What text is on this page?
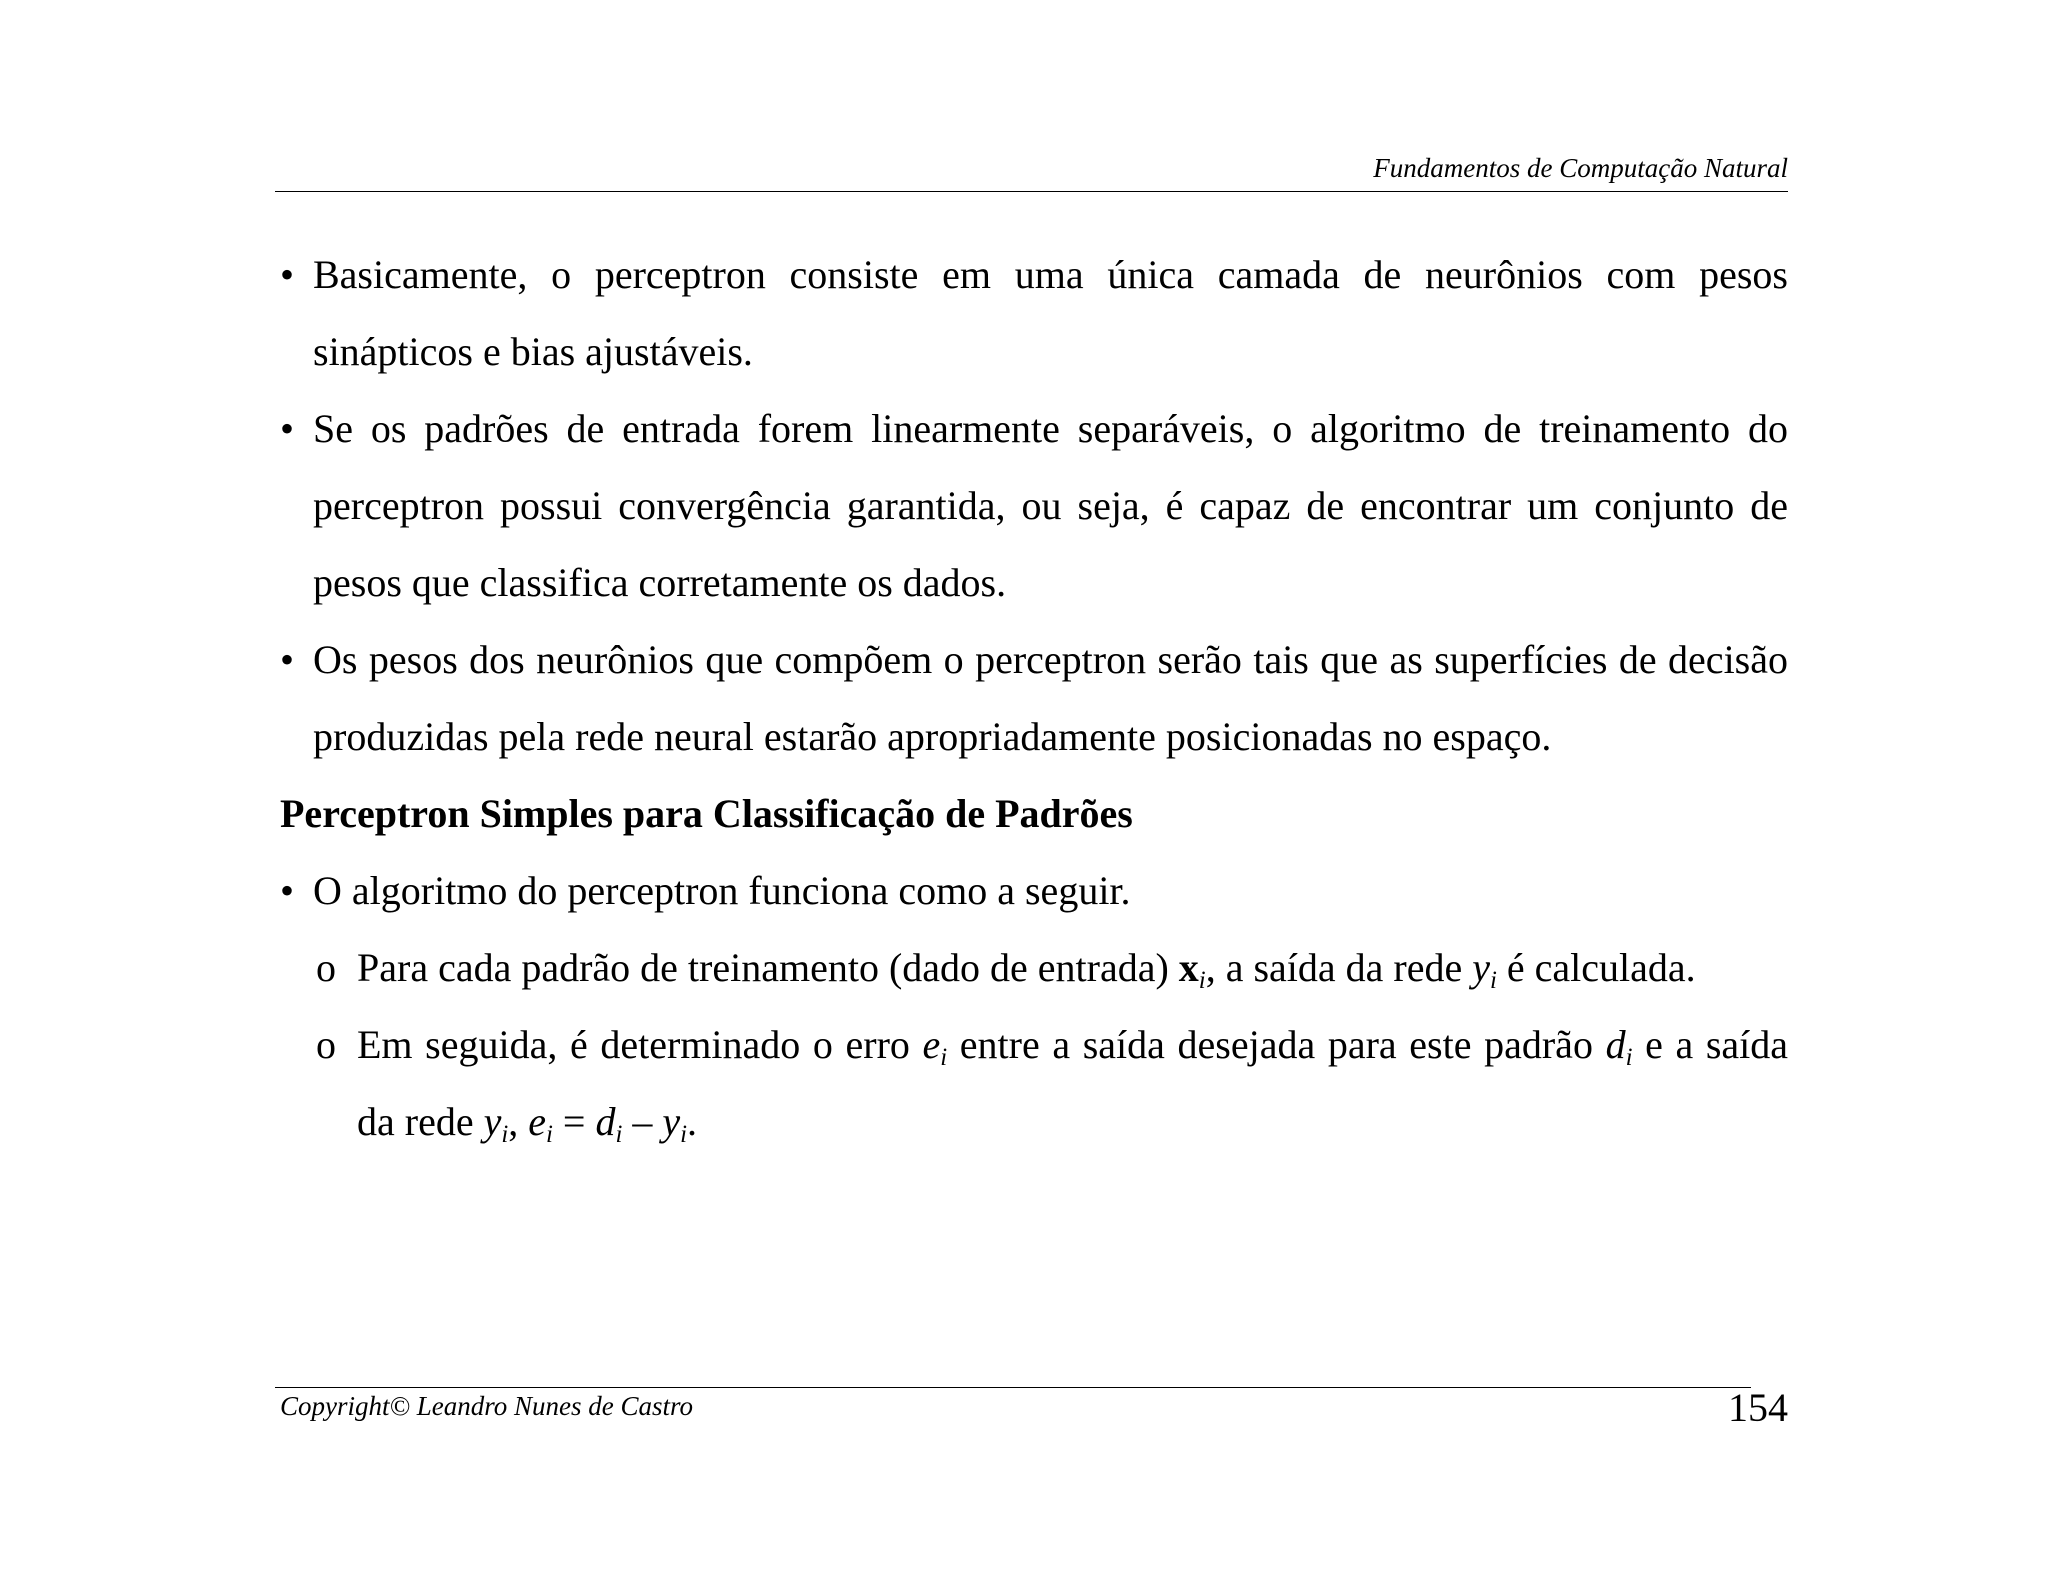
Fundamentos de Computação Natural

• Basicamente, o perceptron consiste em uma única camada de neurônios com pesos sinápticos e bias ajustáveis.

• Se os padrões de entrada forem linearmente separáveis, o algoritmo de treinamento do perceptron possui convergência garantida, ou seja, é capaz de encontrar um conjunto de pesos que classifica corretamente os dados.

• Os pesos dos neurônios que compõem o perceptron serão tais que as superfícies de decisão produzidas pela rede neural estarão apropriadamente posicionadas no espaço.

Perceptron Simples para Classificação de Padrões

• O algoritmo do perceptron funciona como a seguir.

o Para cada padrão de treinamento (dado de entrada) $x_i$, a saída da rede $y_i$ é calculada.

o Em seguida, é determinado o erro $e_i$ entre a saída desejada para este padrão $d_i$ e a saída da rede $y_i$, $e_i = d_i - y_i$.

Copyright© Leandro Nunes de Castro	154
